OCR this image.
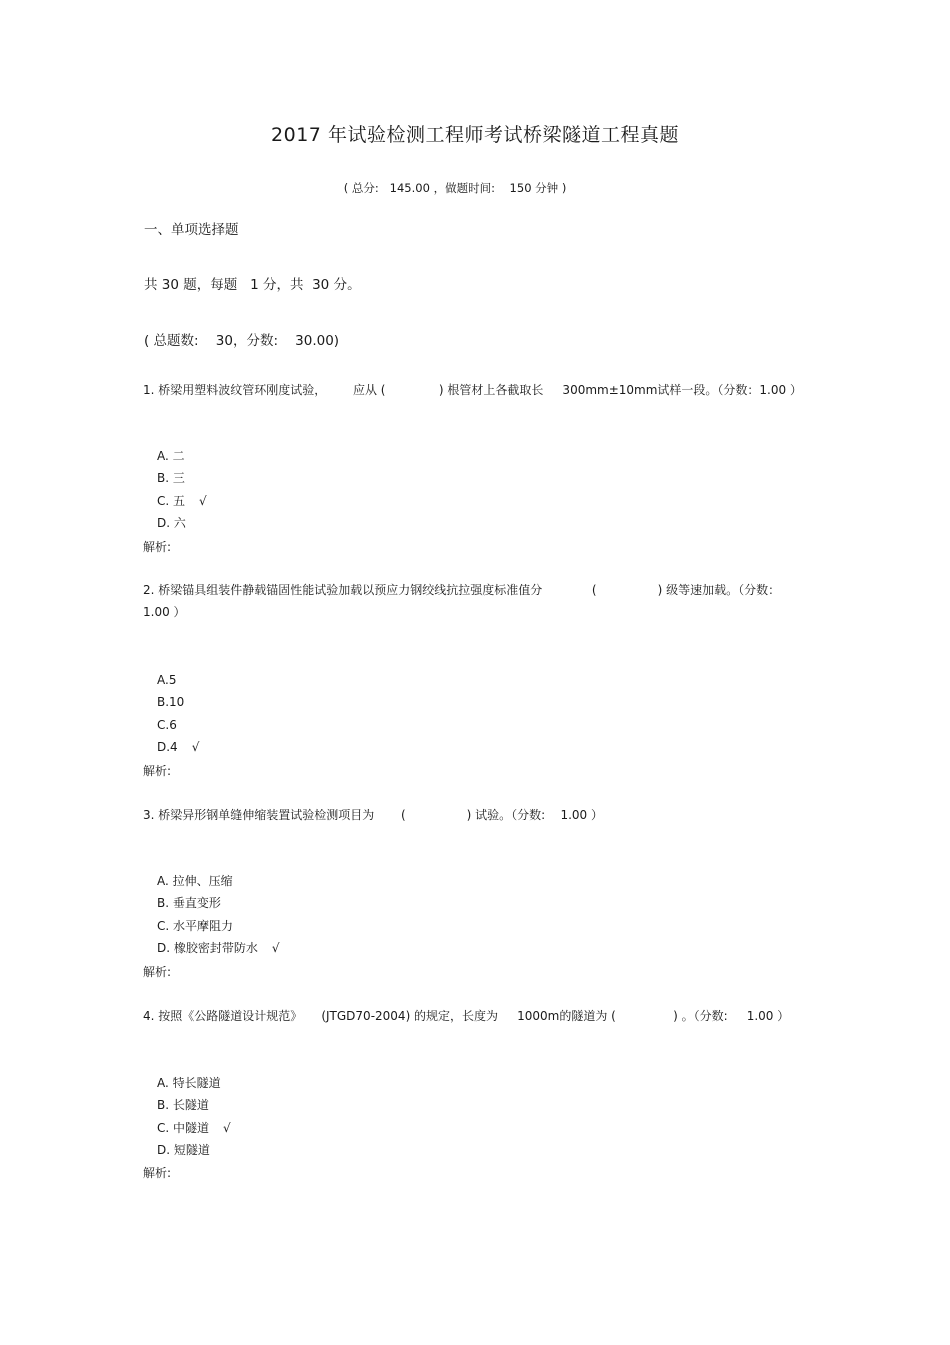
2017 年试验检测工程师考试桥梁隧道工程真题
( 总分:   145.00 ，做题时间:    150 分钟 )
一、单项选择题
共 30 题，每题   1 分，共  30 分。
( 总题数:    30，分数:    30.00)
1. 桥梁用塑料波纹管环刚度试验，       应从 (              ) 根管材上各截取长     300mm±10mm试样一段。（分数：1.00 ）
A. 二
B. 三
C. 五 √
D. 六
解析:
2. 桥梁锚具组装件静载锚固性能试验加载以预应力钢绞线抗拉强度标准值分             (                ) 级等速加载。（分数：  1.00 ）
A.5
B.10
C.6
D.4 √
解析:
3. 桥梁异形钢单缝伸缩装置试验检测项目为       (                ) 试验。（分数:    1.00 ）
A. 拉伸、压缩
B. 垂直变形
C. 水平摩阻力
D. 橡胶密封带防水 √
解析:
4. 按照《公路隧道设计规范》     (JTGD70-2004) 的规定，长度为     1000m的隧道为 (               ) 。（分数:     1.00 ）
A. 特长隧道
B. 长隧道
C. 中隧道 √
D. 短隧道
解析:
